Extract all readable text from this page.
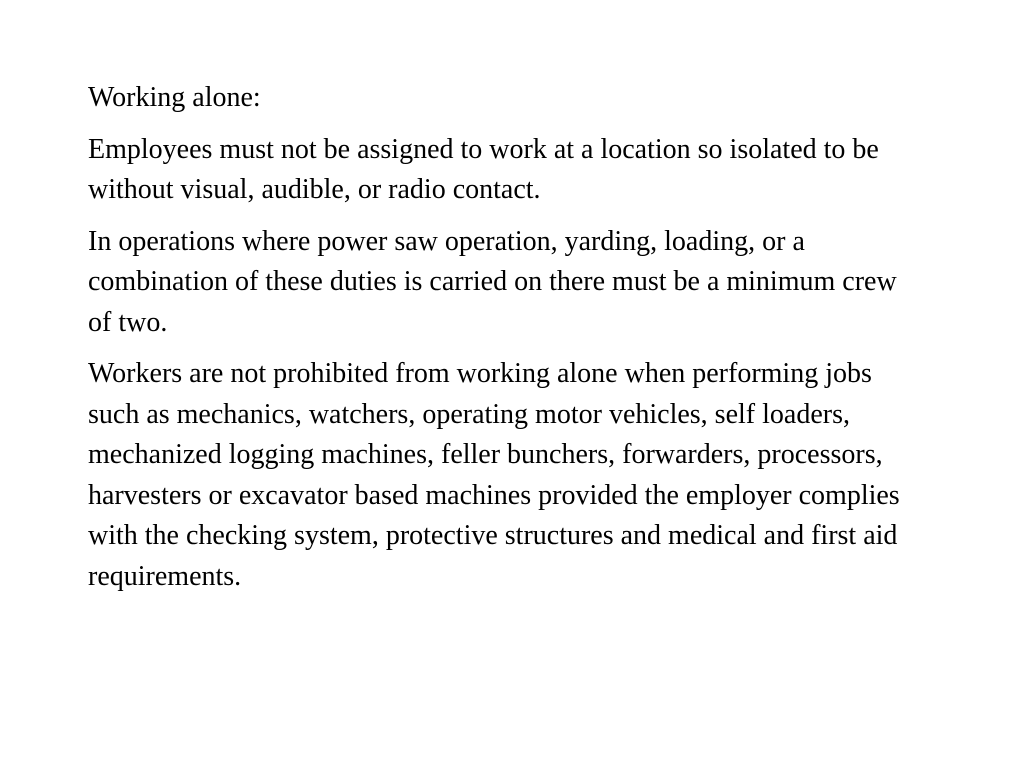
Working alone:

Employees must not be assigned to work at a location so isolated to be without visual, audible, or radio contact.

In operations where power saw operation, yarding, loading, or a combination of these duties is carried on there must be a minimum crew of two.

Workers are not prohibited from working alone when performing jobs such as mechanics, watchers, operating motor vehicles, self loaders, mechanized logging machines, feller bunchers, forwarders, processors, harvesters or excavator based machines provided the employer complies with the checking system, protective structures and medical and first aid requirements.
